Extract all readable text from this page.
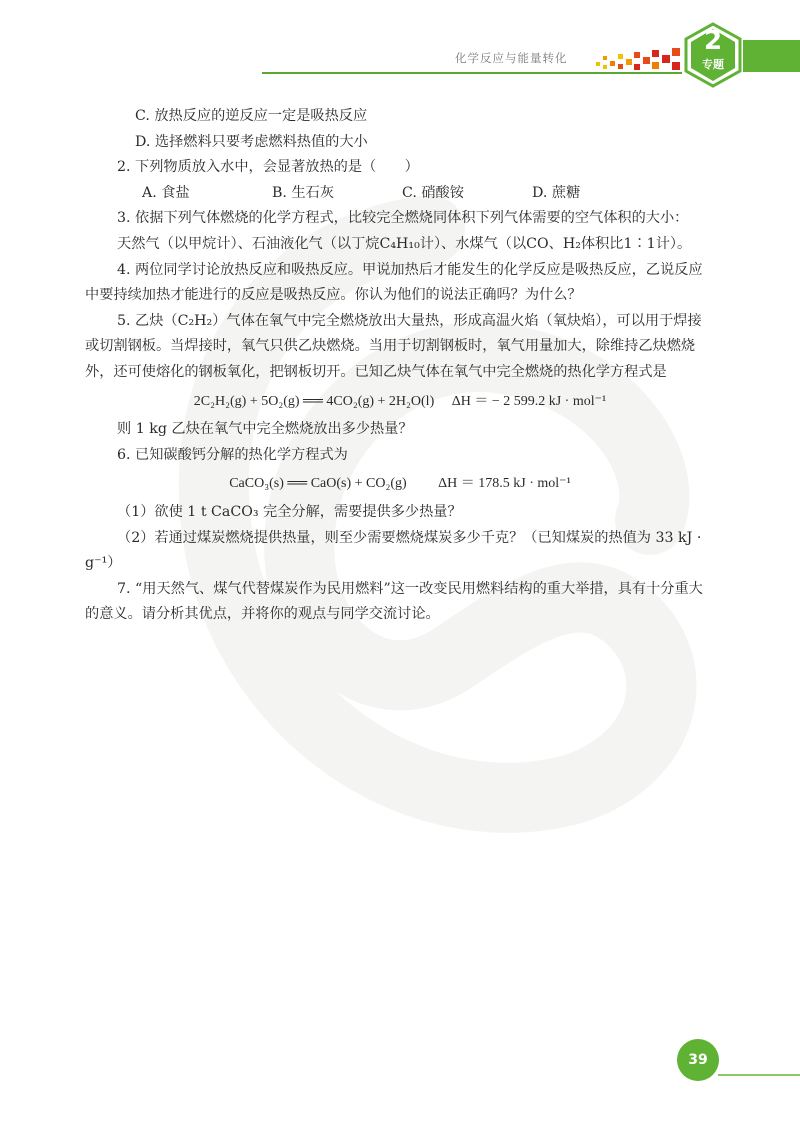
化学反应与能量转化
2
专题

C. 放热反应的逆反应一定是吸热反应

D. 选择燃料只要考虑燃料热值的大小

2. 下列物质放入水中，会显著放热的是（　　）

A. 食盐	B. 生石灰	C. 硝酸铵	D. 蔗糖

3. 依据下列气体燃烧的化学方程式，比较完全燃烧同体积下列气体需要的空气体积的大小：

天然气（以甲烷计）、石油液化气（以丁烷C₄H₁₀计）、水煤气（以CO、H₂体积比1∶1计）。

4. 两位同学讨论放热反应和吸热反应。甲说加热后才能发生的化学反应是吸热反应，乙说反应中要持续加热才能进行的反应是吸热反应。你认为他们的说法正确吗？为什么？

5. 乙炔（C₂H₂）气体在氧气中完全燃烧放出大量热，形成高温火焰（氧炔焰），可以用于焊接或切割钢板。当焊接时，氧气只供乙炔燃烧。当用于切割钢板时，氧气用量加大，除维持乙炔燃烧外，还可使熔化的钢板氧化，把钢板切开。已知乙炔气体在氧气中完全燃烧的热化学方程式是

2C₂H₂(g) + 5O₂(g) ══ 4CO₂(g) + 2H₂O(l)　 ΔH ＝ − 2 599.2 kJ · mol⁻¹

则 1 kg 乙炔在氧气中完全燃烧放出多少热量？

6. 已知碳酸钙分解的热化学方程式为

CaCO₃(s) ══ CaO(s) + CO₂(g)　　 ΔH ＝ 178.5 kJ · mol⁻¹

（1）欲使 1 t CaCO₃ 完全分解，需要提供多少热量？

（2）若通过煤炭燃烧提供热量，则至少需要燃烧煤炭多少千克？（已知煤炭的热值为 33 kJ · g⁻¹）

7. “用天然气、煤气代替煤炭作为民用燃料”这一改变民用燃料结构的重大举措，具有十分重大的意义。请分析其优点，并将你的观点与同学交流讨论。

39
